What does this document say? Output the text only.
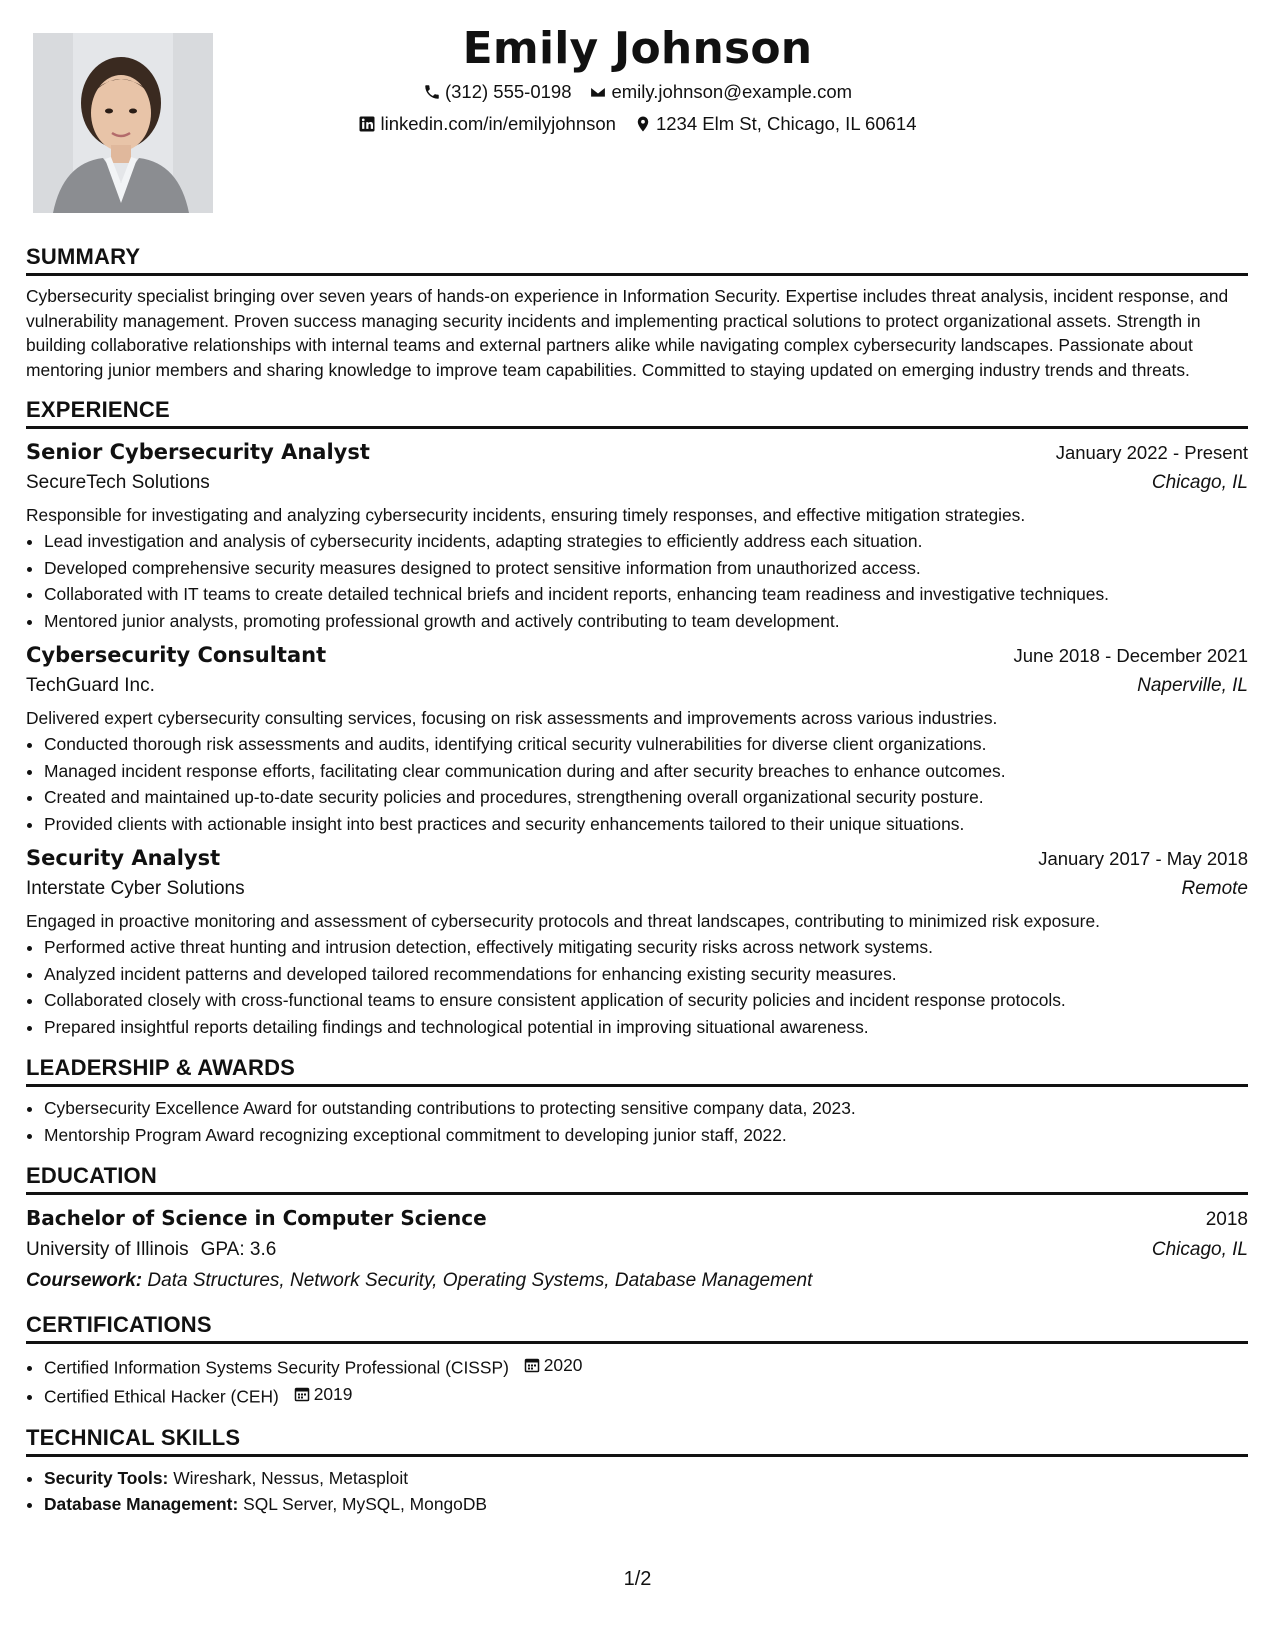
Emily Johnson
(312) 555-0198 emily.johnson@example.com
linkedin.com/in/emilyjohnson 1234 Elm St, Chicago, IL 60614
SUMMARY

Cybersecurity specialist bringing over seven years of hands-on experience in Information Security. Expertise includes threat analysis, incident response, and vulnerability management. Proven success managing security incidents and implementing practical solutions to protect organizational assets. Strength in building collaborative relationships with internal teams and external partners alike while navigating complex cybersecurity landscapes. Passionate about mentoring junior members and sharing knowledge to improve team capabilities. Committed to staying updated on emerging industry trends and threats.

EXPERIENCE
Senior Cybersecurity Analyst	January 2022 - Present
SecureTech Solutions	Chicago, IL
Responsible for investigating and analyzing cybersecurity incidents, ensuring timely responses, and effective mitigation strategies.
• Lead investigation and analysis of cybersecurity incidents, adapting strategies to efficiently address each situation.
• Developed comprehensive security measures designed to protect sensitive information from unauthorized access.
• Collaborated with IT teams to create detailed technical briefs and incident reports, enhancing team readiness and investigative techniques.
• Mentored junior analysts, promoting professional growth and actively contributing to team development.
Cybersecurity Consultant	June 2018 - December 2021
TechGuard Inc.	Naperville, IL
Delivered expert cybersecurity consulting services, focusing on risk assessments and improvements across various industries.
• Conducted thorough risk assessments and audits, identifying critical security vulnerabilities for diverse client organizations.
• Managed incident response efforts, facilitating clear communication during and after security breaches to enhance outcomes.
• Created and maintained up-to-date security policies and procedures, strengthening overall organizational security posture.
• Provided clients with actionable insight into best practices and security enhancements tailored to their unique situations.
Security Analyst	January 2017 - May 2018
Interstate Cyber Solutions	Remote
Engaged in proactive monitoring and assessment of cybersecurity protocols and threat landscapes, contributing to minimized risk exposure.
• Performed active threat hunting and intrusion detection, effectively mitigating security risks across network systems.
• Analyzed incident patterns and developed tailored recommendations for enhancing existing security measures.
• Collaborated closely with cross-functional teams to ensure consistent application of security policies and incident response protocols.
• Prepared insightful reports detailing findings and technological potential in improving situational awareness.
LEADERSHIP & AWARDS
• Cybersecurity Excellence Award for outstanding contributions to protecting sensitive company data, 2023.
• Mentorship Program Award recognizing exceptional commitment to developing junior staff, 2022.
EDUCATION
Bachelor of Science in Computer Science	2018
University of Illinois GPA: 3.6	Chicago, IL
Coursework: Data Structures, Network Security, Operating Systems, Database Management
CERTIFICATIONS
• Certified Information Systems Security Professional (CISSP) 2020
• Certified Ethical Hacker (CEH) 2019
TECHNICAL SKILLS
• Security Tools: Wireshark, Nessus, Metasploit
• Database Management: SQL Server, MySQL, MongoDB
1/2
